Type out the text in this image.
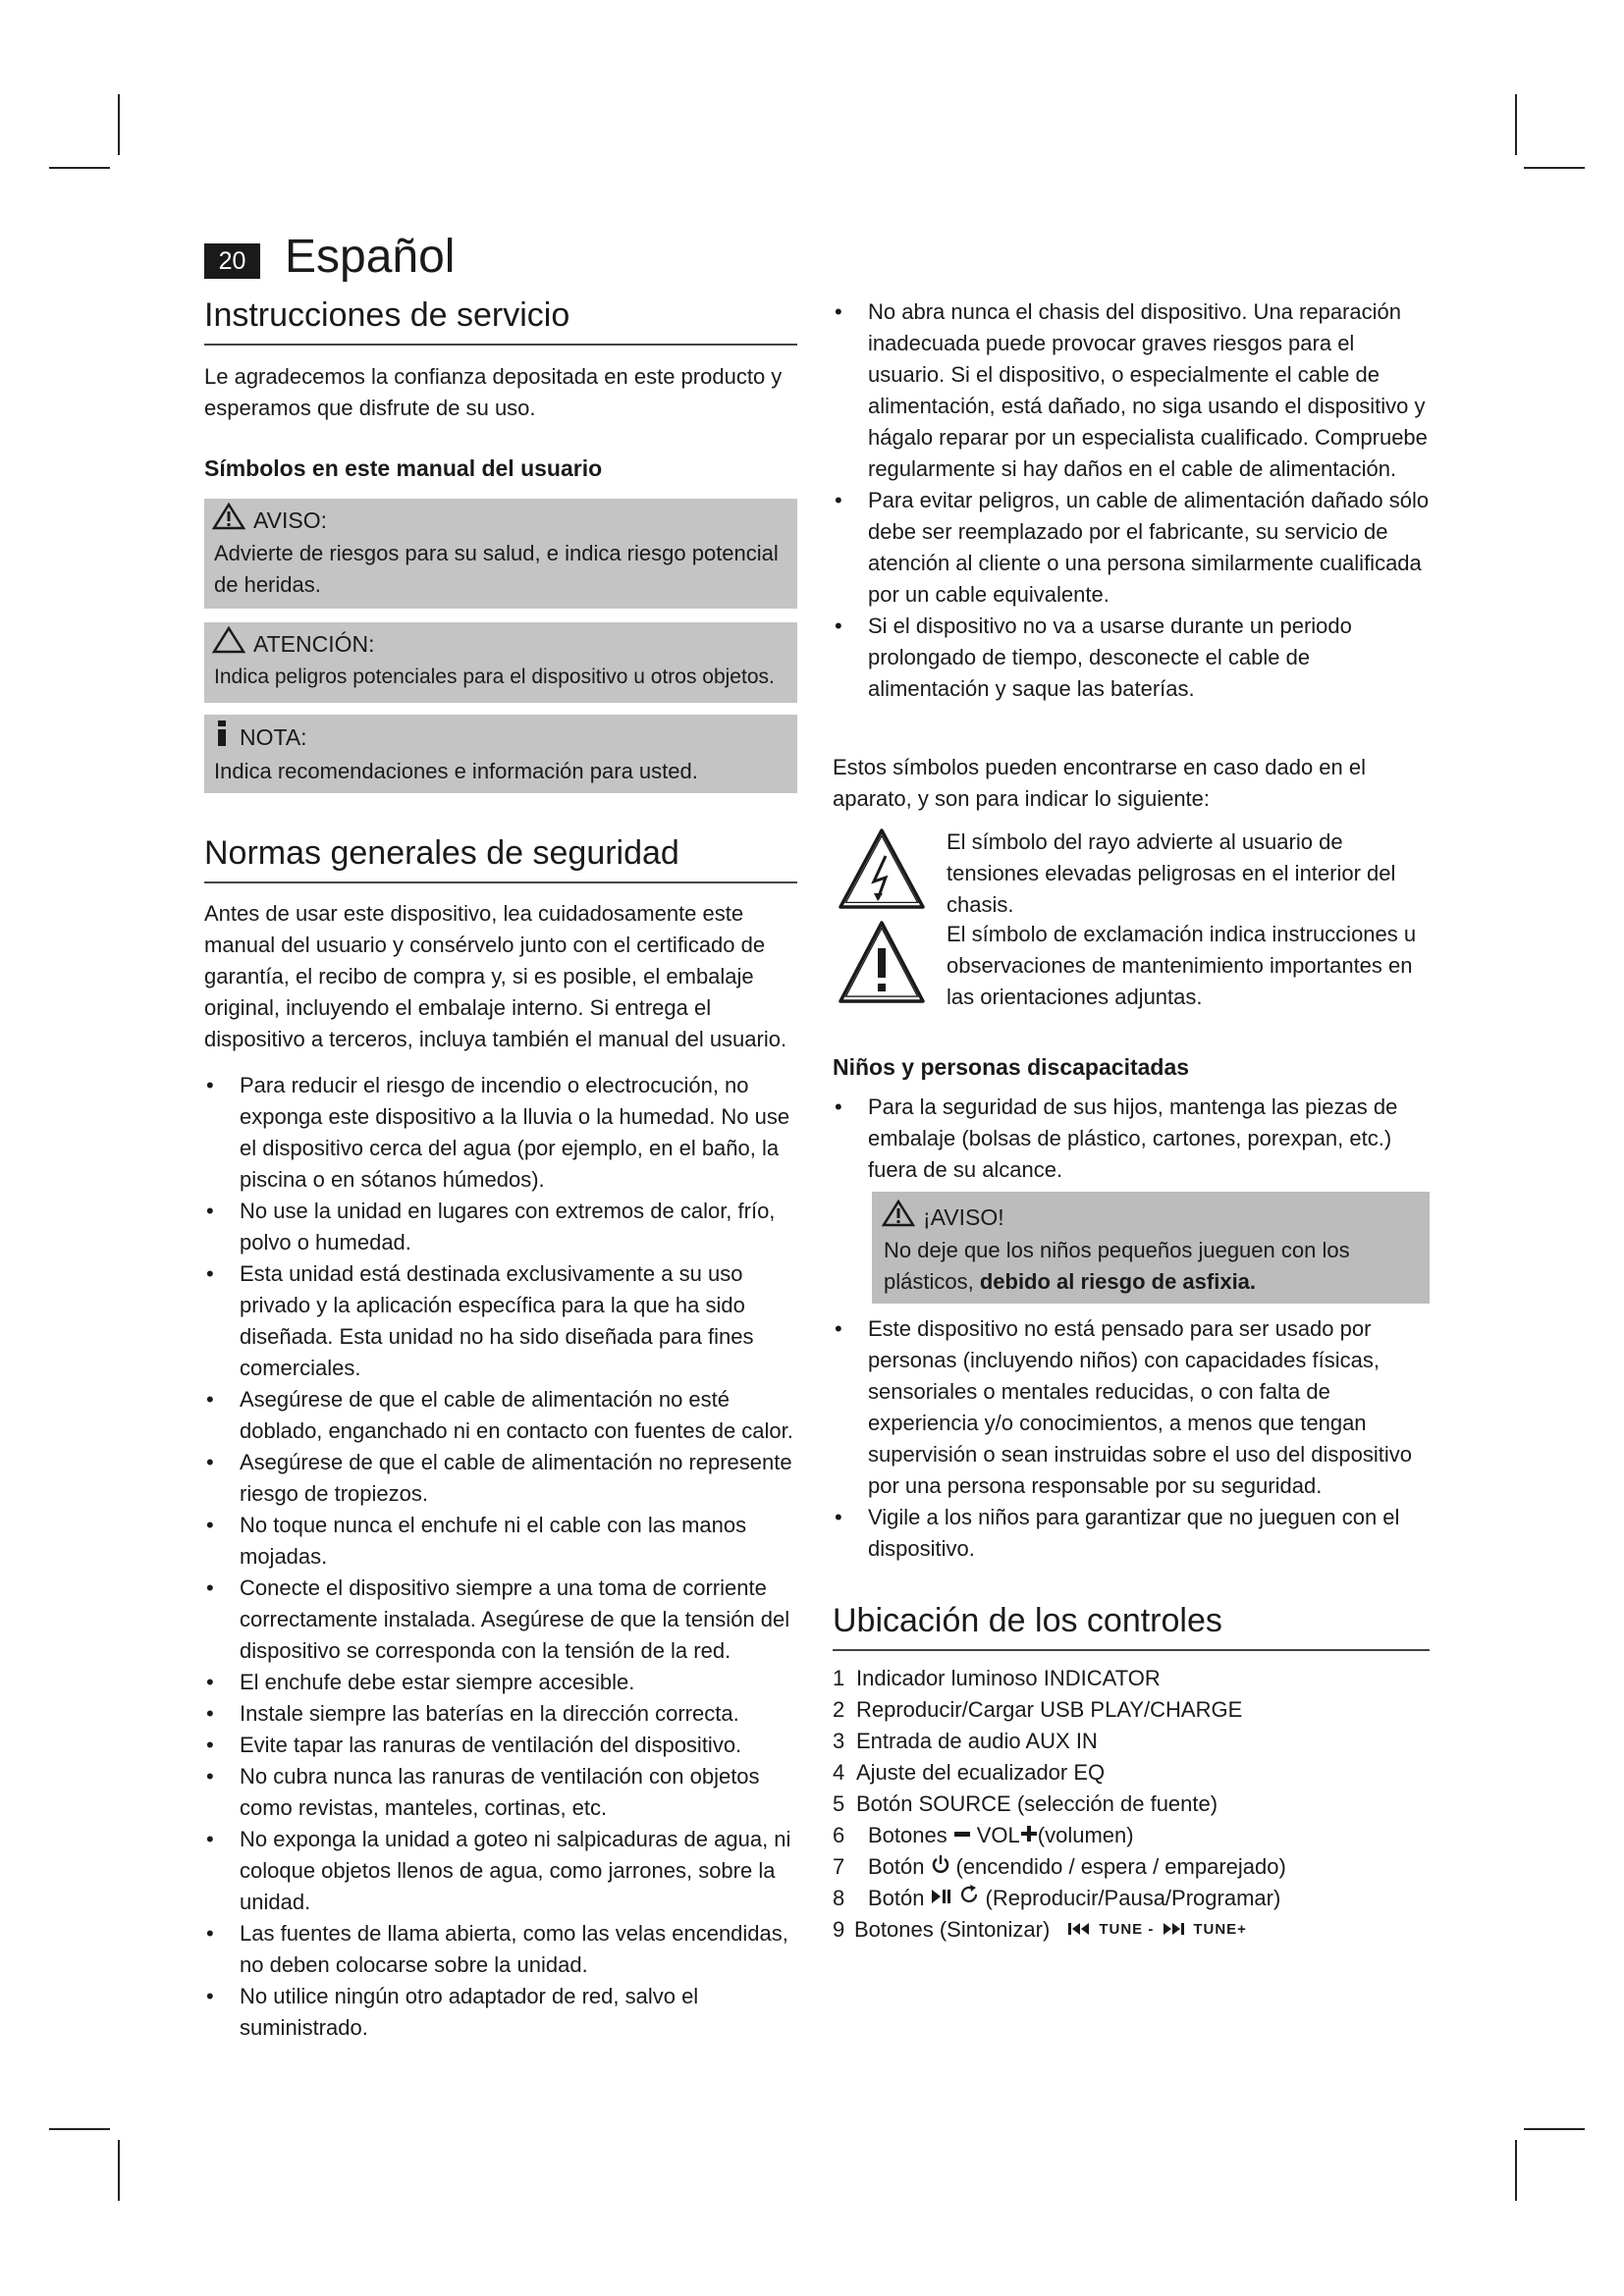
20 Español
Instrucciones de servicio

Le agradecemos la confianza depositada en este producto y esperamos que disfrute de su uso.

Símbolos en este manual del usuario
AVISO:
Advierte de riesgos para su salud, e indica riesgo potencial de heridas.
ATENCIÓN:
Indica peligros potenciales para el dispositivo u otros objetos.
NOTA:
Indica recomendaciones e información para usted.
Normas generales de seguridad

Antes de usar este dispositivo, lea cuidadosamente este manual del usuario y consérvelo junto con el certificado de garantía, el recibo de compra y, si es posible, el embalaje original, incluyendo el embalaje interno. Si entrega el dispositivo a terceros, incluya también el manual del usuario.

• Para reducir el riesgo de incendio o electrocución, no exponga este dispositivo a la lluvia o la humedad. No use el dispositivo cerca del agua (por ejemplo, en el baño, la piscina o en sótanos húmedos).
• No use la unidad en lugares con extremos de calor, frío, polvo o humedad.
• Esta unidad está destinada exclusivamente a su uso privado y la aplicación específica para la que ha sido diseñada. Esta unidad no ha sido diseñada para fines comerciales.
• Asegúrese de que el cable de alimentación no esté doblado, enganchado ni en contacto con fuentes de calor.
• Asegúrese de que el cable de alimentación no represente riesgo de tropiezos.
• No toque nunca el enchufe ni el cable con las manos mojadas.
• Conecte el dispositivo siempre a una toma de corriente correctamente instalada. Asegúrese de que la tensión del dispositivo se corresponda con la tensión de la red.
• El enchufe debe estar siempre accesible.
• Instale siempre las baterías en la dirección correcta.
• Evite tapar las ranuras de ventilación del dispositivo.
• No cubra nunca las ranuras de ventilación con objetos como revistas, manteles, cortinas, etc.
• No exponga la unidad a goteo ni salpicaduras de agua, ni coloque objetos llenos de agua, como jarrones, sobre la unidad.
• Las fuentes de llama abierta, como las velas encendidas, no deben colocarse sobre la unidad.
• No utilice ningún otro adaptador de red, salvo el suministrado.
• No abra nunca el chasis del dispositivo. Una reparación inadecuada puede provocar graves riesgos para el usuario. Si el dispositivo, o especialmente el cable de alimentación, está dañado, no siga usando el dispositivo y hágalo reparar por un especialista cualificado. Compruebe regularmente si hay daños en el cable de alimentación.
• Para evitar peligros, un cable de alimentación dañado sólo debe ser reemplazado por el fabricante, su servicio de atención al cliente o una persona similarmente cualificada por un cable equivalente.
• Si el dispositivo no va a usarse durante un periodo prolongado de tiempo, desconecte el cable de alimentación y saque las baterías.

Estos símbolos pueden encontrarse en caso dado en el aparato, y son para indicar lo siguiente:

El símbolo del rayo advierte al usuario de tensiones elevadas peligrosas en el interior del chasis.
El símbolo de exclamación indica instrucciones u observaciones de mantenimiento importantes en las orientaciones adjuntas.
Niños y personas discapacitadas
• Para la seguridad de sus hijos, mantenga las piezas de embalaje (bolsas de plástico, cartones, porexpan, etc.) fuera de su alcance.
¡AVISO!
No deje que los niños pequeños jueguen con los plásticos, debido al riesgo de asfixia.
• Este dispositivo no está pensado para ser usado por personas (incluyendo niños) con capacidades físicas, sensoriales o mentales reducidas, o con falta de experiencia y/o conocimientos, a menos que tengan supervisión o sean instruidas sobre el uso del dispositivo por una persona responsable por su seguridad.
• Vigile a los niños para garantizar que no jueguen con el dispositivo.
Ubicación de los controles
1 Indicador luminoso INDICATOR
2 Reproducir/Cargar USB PLAY/CHARGE
3 Entrada de audio AUX IN
4 Ajuste del ecualizador EQ
5 Botón SOURCE (selección de fuente)
6 Botones VOL (volumen)
7 Botón (encendido / espera / emparejado)
8 Botón	(Reproducir/Pausa/Programar)
9 Botones (Sintonizar)	TUNE -	TUNE+
